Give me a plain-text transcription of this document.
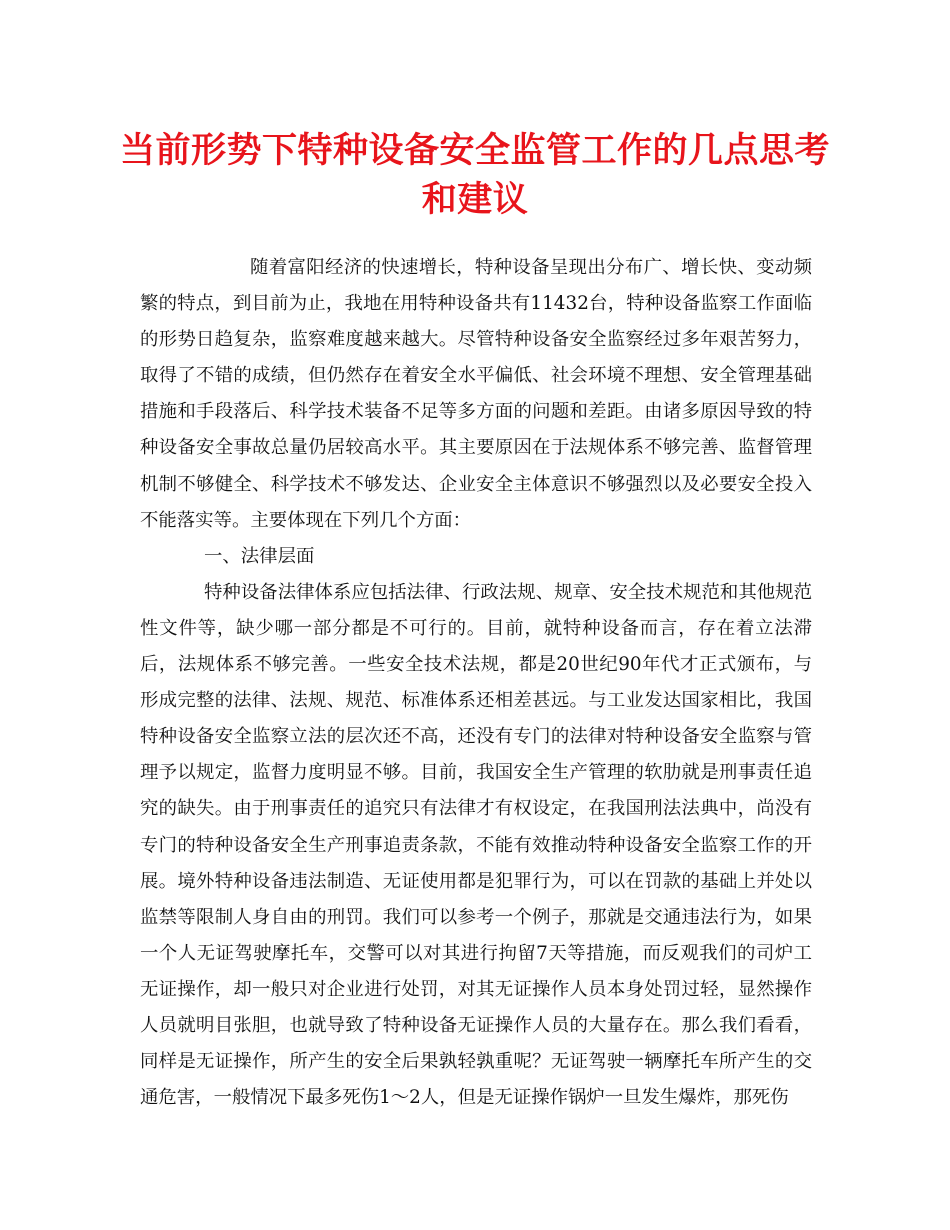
当前形势下特种设备安全监管工作的几点思考和建议

随着富阳经济的快速增长，特种设备呈现出分布广、增长快、变动频繁的特点，到目前为止，我地在用特种设备共有11432台，特种设备监察工作面临的形势日趋复杂，监察难度越来越大。尽管特种设备安全监察经过多年艰苦努力，取得了不错的成绩，但仍然存在着安全水平偏低、社会环境不理想、安全管理基础措施和手段落后、科学技术装备不足等多方面的问题和差距。由诸多原因导致的特种设备安全事故总量仍居较高水平。其主要原因在于法规体系不够完善、监督管理机制不够健全、科学技术不够发达、企业安全主体意识不够强烈以及必要安全投入不能落实等。主要体现在下列几个方面：

一、法律层面

特种设备法律体系应包括法律、行政法规、规章、安全技术规范和其他规范性文件等，缺少哪一部分都是不可行的。目前，就特种设备而言，存在着立法滞后，法规体系不够完善。一些安全技术法规，都是20世纪90年代才正式颁布，与形成完整的法律、法规、规范、标准体系还相差甚远。与工业发达国家相比，我国特种设备安全监察立法的层次还不高，还没有专门的法律对特种设备安全监察与管理予以规定，监督力度明显不够。目前，我国安全生产管理的软肋就是刑事责任追究的缺失。由于刑事责任的追究只有法律才有权设定，在我国刑法法典中，尚没有专门的特种设备安全生产刑事追责条款，不能有效推动特种设备安全监察工作的开展。境外特种设备违法制造、无证使用都是犯罪行为，可以在罚款的基础上并处以监禁等限制人身自由的刑罚。我们可以参考一个例子，那就是交通违法行为，如果一个人无证驾驶摩托车，交警可以对其进行拘留7天等措施，而反观我们的司炉工无证操作，却一般只对企业进行处罚，对其无证操作人员本身处罚过轻，显然操作人员就明目张胆，也就导致了特种设备无证操作人员的大量存在。那么我们看看，同样是无证操作，所产生的安全后果孰轻孰重呢？无证驾驶一辆摩托车所产生的交通危害，一般情况下最多死伤1～2人，但是无证操作锅炉一旦发生爆炸，那死伤
